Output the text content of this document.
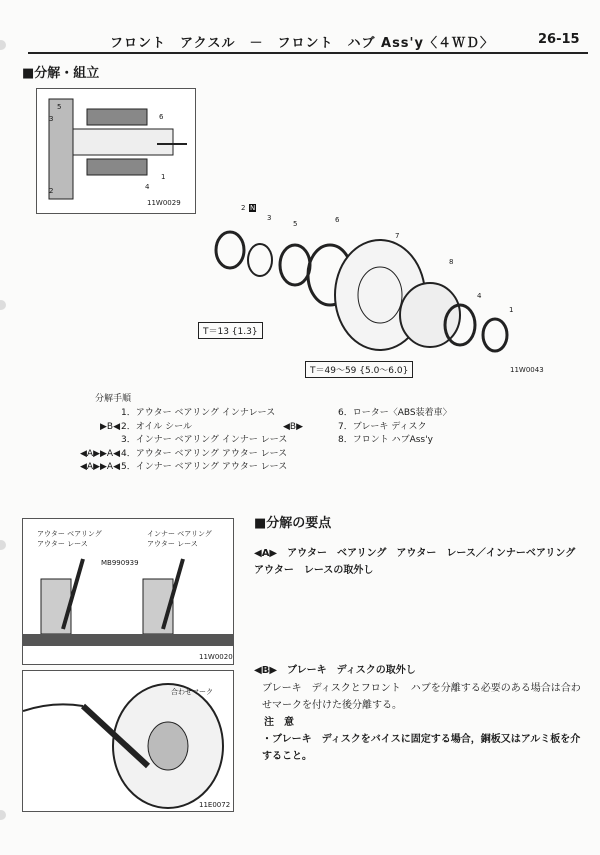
フロント　アクスル　－　フロント　ハブ Ass'y〈４ＷＤ〉	26-15
■分解・組立
5
3
2
6
1
4
11W0029
2 N
3
5	6
7
8
4
1
11W0043
T＝13 {1.3}
T＝49～59 {5.0～6.0}
分解手順

▶B◀

◀A▶▶A◀
◀A▶▶A◀
1．アウター ベアリング インナレース
2．オイル シール
3．インナー ベアリング インナー レース
4．アウター ベアリング アウター レース
5．インナー ベアリング アウター レース
◀B▶
6．ローター〈ABS装着車〉
7．ブレーキ ディスク
8．フロント ハブAss'y
アウター ベアリング
アウター レース
インナー ベアリング
アウター レース
MB990939
11W0020
合わせマーク
11E0072
■分解の要点
◀A▶　アウター　ベアリング　アウター　レース／インナーベアリング　アウター　レースの取外し
◀B▶　ブレーキ　ディスクの取外し
ブレーキ　ディスクとフロント　ハブを分離する必要のある場合は合わせマークを付けた後分離する。
注　意
・ブレーキ　ディスクをバイスに固定する場合，銅板又はアルミ板を介すること。
